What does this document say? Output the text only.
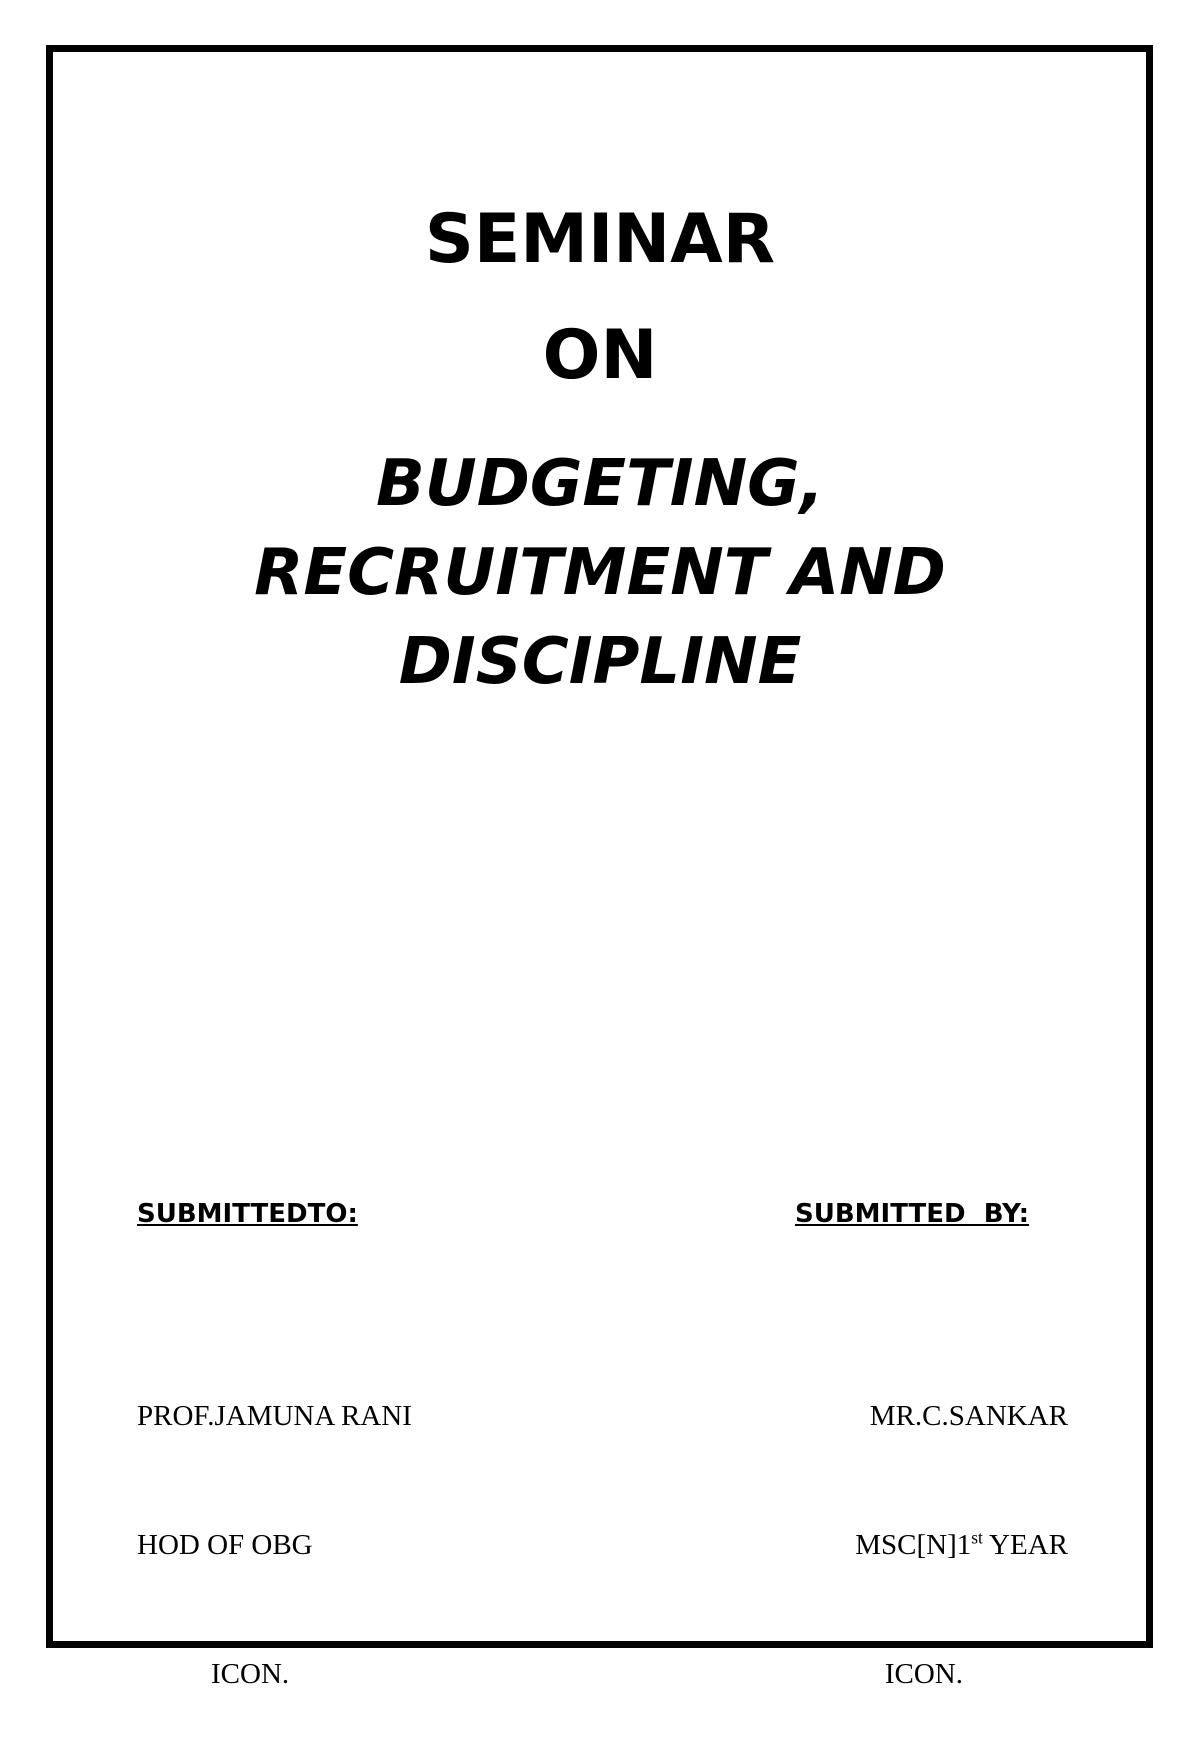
SEMINAR
ON
BUDGETING,
RECRUITMENT AND
DISCIPLINE
SUBMITTEDTO:	SUBMITTED  BY:

PROF.JAMUNA RANI

HOD OF OBG

ICON.

MR.C.SANKAR

MSC[N]1st YEAR

ICON.
